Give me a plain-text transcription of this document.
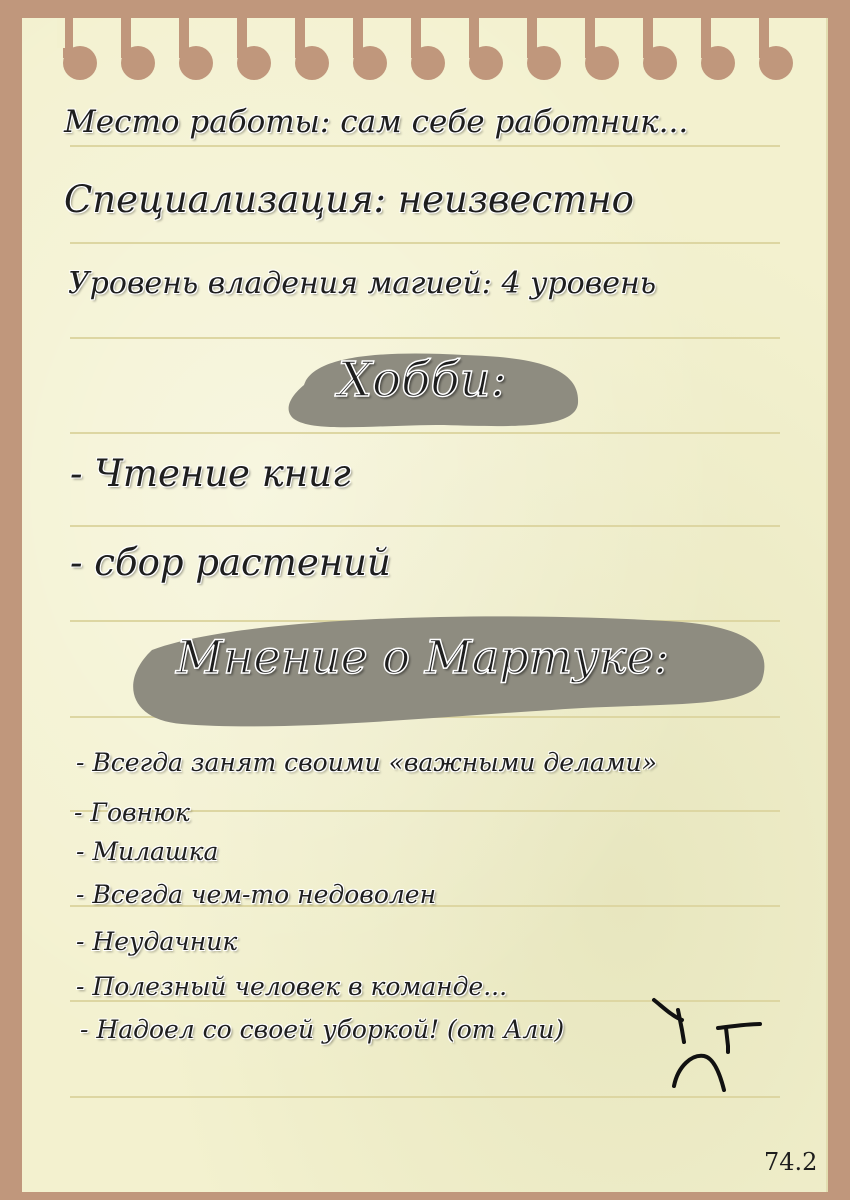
Место работы: сам себе работник...
Специализация: неизвестно
Уровень владения магией: 4 уровень
Хобби:
- Чтение книг
- сбор растений
Мнение о Мартуке:
- Всегда занят своими «важными делами»
- Говнюк
- Милашка
- Всегда чем-то недоволен
- Неудачник
- Полезный человек в команде...
- Надоел со своей уборкой! (от Али)
74.2
